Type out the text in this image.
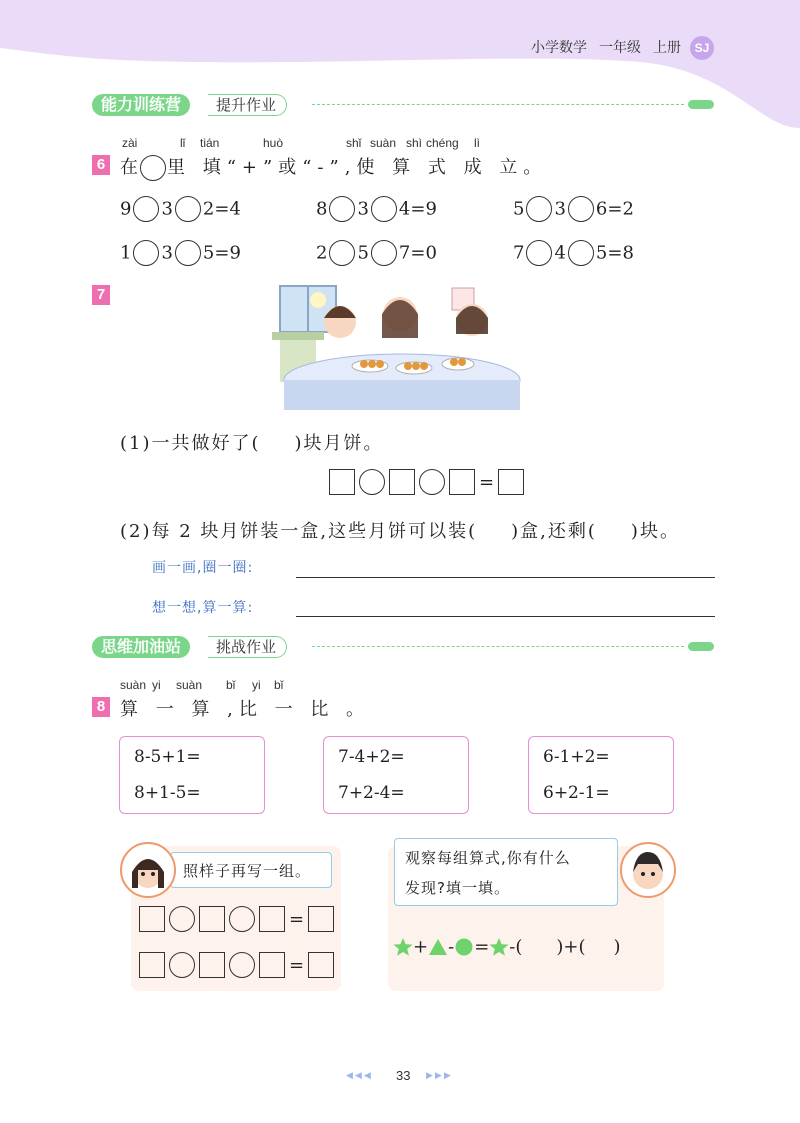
小学数学 一年级 上册	SJ
能力训练营	提升作业
zài	lǐ tián	huò	shǐ suàn shì chéng lì
6 在 里 填“+”或“-”,使 算 式 成 立。
9 3 2=4	8 3 4=9	5 3 6=2
1 3 5=9	2 5 7=0	7 4 5=8
7
(1)一共做好了( )块月饼。
=
(2)每 2 块月饼装一盒,这些月饼可以装( )盒,还剩( )块。
画一画,圈一圈:
想一想,算一算:
思维加油站	挑战作业
suàn yi suàn bǐ yi bǐ
8 算 一 算 ,比 一 比 。
8-5+1=
8+1-5=
7-4+2=
7+2-4=
6-1+2=
6+2-1=
照样子再写一组。
=
=
观察每组算式,你有什么
发现?填一填。
+ - = -( )+( )
◀◀◀ 33 ▶▶▶
